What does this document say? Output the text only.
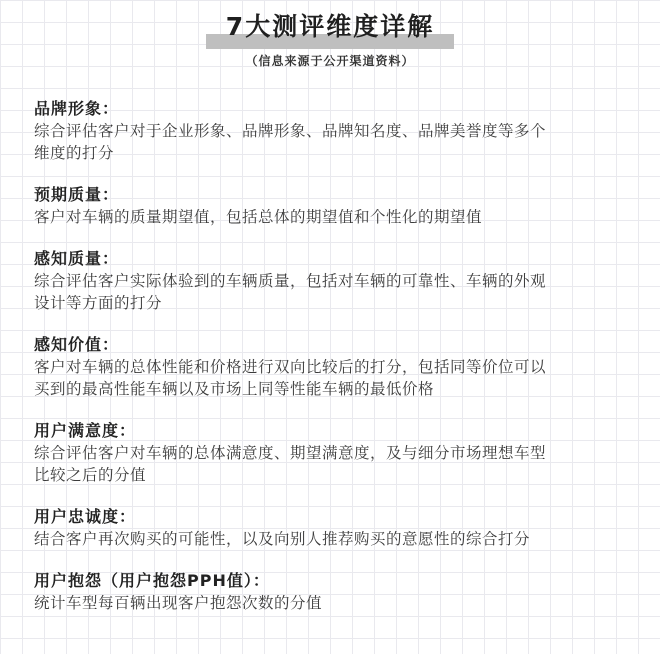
7大测评维度详解
（信息来源于公开渠道资料）
品牌形象：
综合评估客户对于企业形象、品牌形象、品牌知名度、品牌美誉度等多个
维度的打分
预期质量：
客户对车辆的质量期望值，包括总体的期望值和个性化的期望值
感知质量：
综合评估客户实际体验到的车辆质量，包括对车辆的可靠性、车辆的外观
设计等方面的打分
感知价值：
客户对车辆的总体性能和价格进行双向比较后的打分，包括同等价位可以
买到的最高性能车辆以及市场上同等性能车辆的最低价格
用户满意度：
综合评估客户对车辆的总体满意度、期望满意度，及与细分市场理想车型
比较之后的分值
用户忠诚度：
结合客户再次购买的可能性，以及向别人推荐购买的意愿性的综合打分
用户抱怨（用户抱怨PPH值）：
统计车型每百辆出现客户抱怨次数的分值
